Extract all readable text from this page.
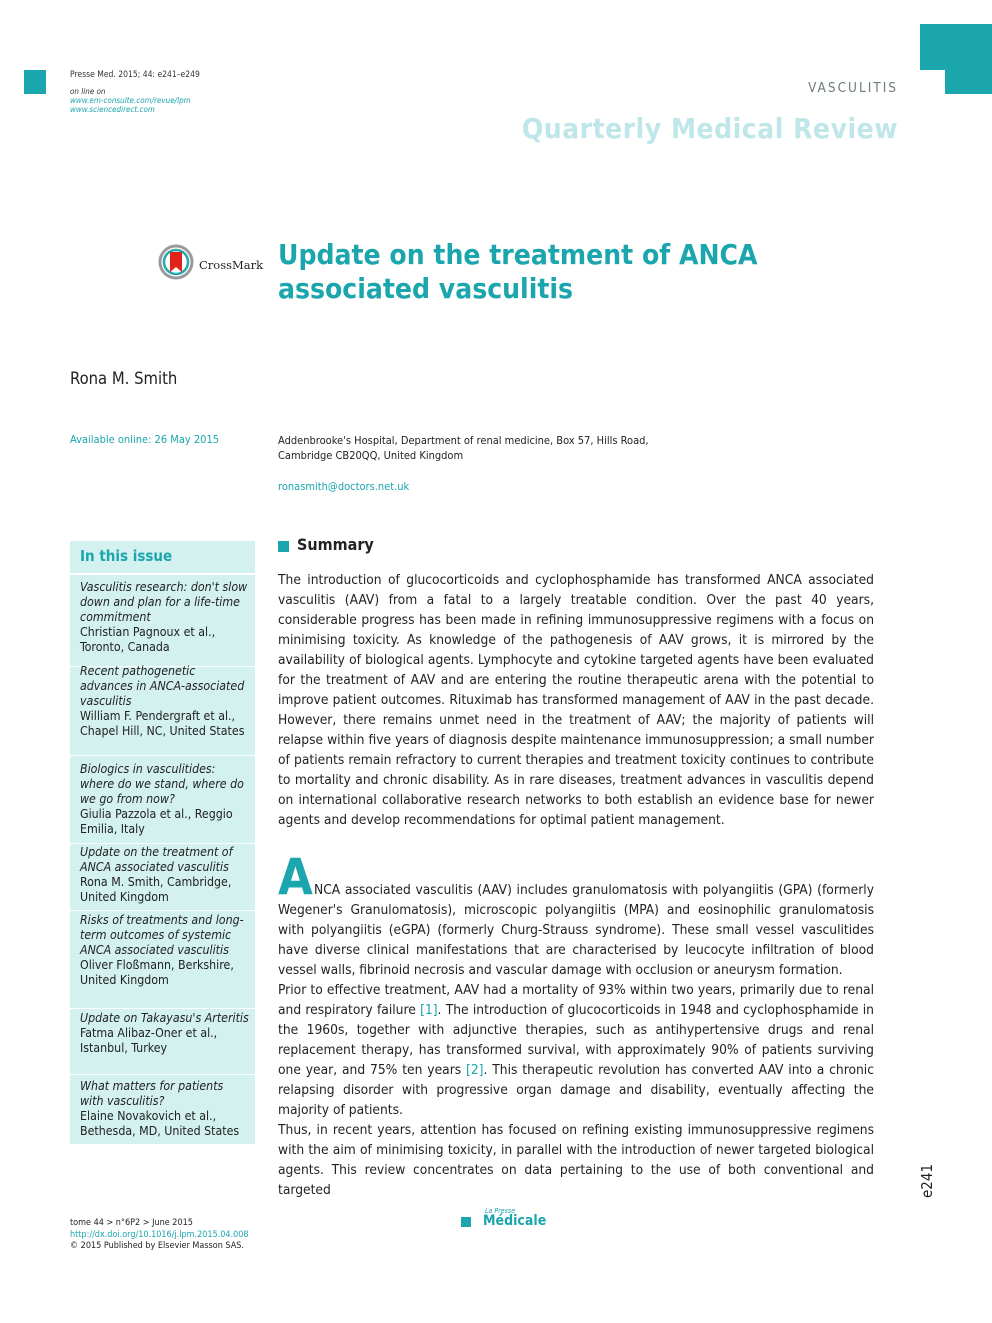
Presse Med. 2015; 44: e241–e249
on line on
www.em-consulte.com/revue/lpm
www.sciencedirect.com
VASCULITIS
Quarterly Medical Review
CrossMark Update on the treatment of ANCA associated vasculitis
Rona M. Smith
Available online: 26 May 2015	Addenbrooke's Hospital, Department of renal medicine, Box 57, Hills Road,
Cambridge CB20QQ, United Kingdom
ronasmith@doctors.net.uk
In this issue
Vasculitis research: don't slow down and plan for a life-time commitment
Christian Pagnoux et al., Toronto, Canada
Recent pathogenetic advances in ANCA-associated vasculitis
William F. Pendergraft et al., Chapel Hill, NC, United States
Biologics in vasculitides: where do we stand, where do we go from now?
Giulia Pazzola et al., Reggio Emilia, Italy
Update on the treatment of ANCA associated vasculitis
Rona M. Smith, Cambridge, United Kingdom
Risks of treatments and long-term outcomes of systemic ANCA associated vasculitis
Oliver Floßmann, Berkshire, United Kingdom
Update on Takayasu's Arteritis
Fatma Alibaz-Oner et al., Istanbul, Turkey
What matters for patients with vasculitis?
Elaine Novakovich et al., Bethesda, MD, United States
Summary
The introduction of glucocorticoids and cyclophosphamide has transformed ANCA associated vasculitis (AAV) from a fatal to a largely treatable condition. Over the past 40 years, considerable progress has been made in refining immunosuppressive regimens with a focus on minimising toxicity. As knowledge of the pathogenesis of AAV grows, it is mirrored by the availability of biological agents. Lymphocyte and cytokine targeted agents have been evaluated for the treatment of AAV and are entering the routine therapeutic arena with the potential to improve patient outcomes. Rituximab has transformed management of AAV in the past decade. However, there remains unmet need in the treatment of AAV; the majority of patients will relapse within five years of diagnosis despite maintenance immunosuppression; a small number of patients remain refractory to current therapies and treatment toxicity continues to contribute to mortality and chronic disability. As in rare diseases, treatment advances in vasculitis depend on international collaborative research networks to both establish an evidence base for newer agents and develop recommendations for optimal patient management.
A NCA associated vasculitis (AAV) includes granulomatosis with polyangiitis (GPA) (formerly Wegener's Granulomatosis), microscopic polyangiitis (MPA) and eosinophilic granulomatosis with polyangiitis (eGPA) (formerly Churg-Strauss syndrome). These small vessel vasculitides have diverse clinical manifestations that are characterised by leucocyte infiltration of blood vessel walls, fibrinoid necrosis and vascular damage with occlusion or aneurysm formation.
Prior to effective treatment, AAV had a mortality of 93% within two years, primarily due to renal and respiratory failure [1]. The introduction of glucocorticoids in 1948 and cyclophosphamide in the 1960s, together with adjunctive therapies, such as antihypertensive drugs and renal replacement therapy, has transformed survival, with approximately 90% of patients surviving one year, and 75% ten years [2]. This therapeutic revolution has converted AAV into a chronic relapsing disorder with progressive organ damage and disability, eventually affecting the majority of patients.
Thus, in recent years, attention has focused on refining existing immunosuppressive regimens with the aim of minimising toxicity, in parallel with the introduction of newer targeted biological agents. This review concentrates on data pertaining to the use of both conventional and targeted
tome 44 > n°6P2 > June 2015
http://dx.doi.org/10.1016/j.lpm.2015.04.008
© 2015 Published by Elsevier Masson SAS.
La Presse
Médicale
e241
